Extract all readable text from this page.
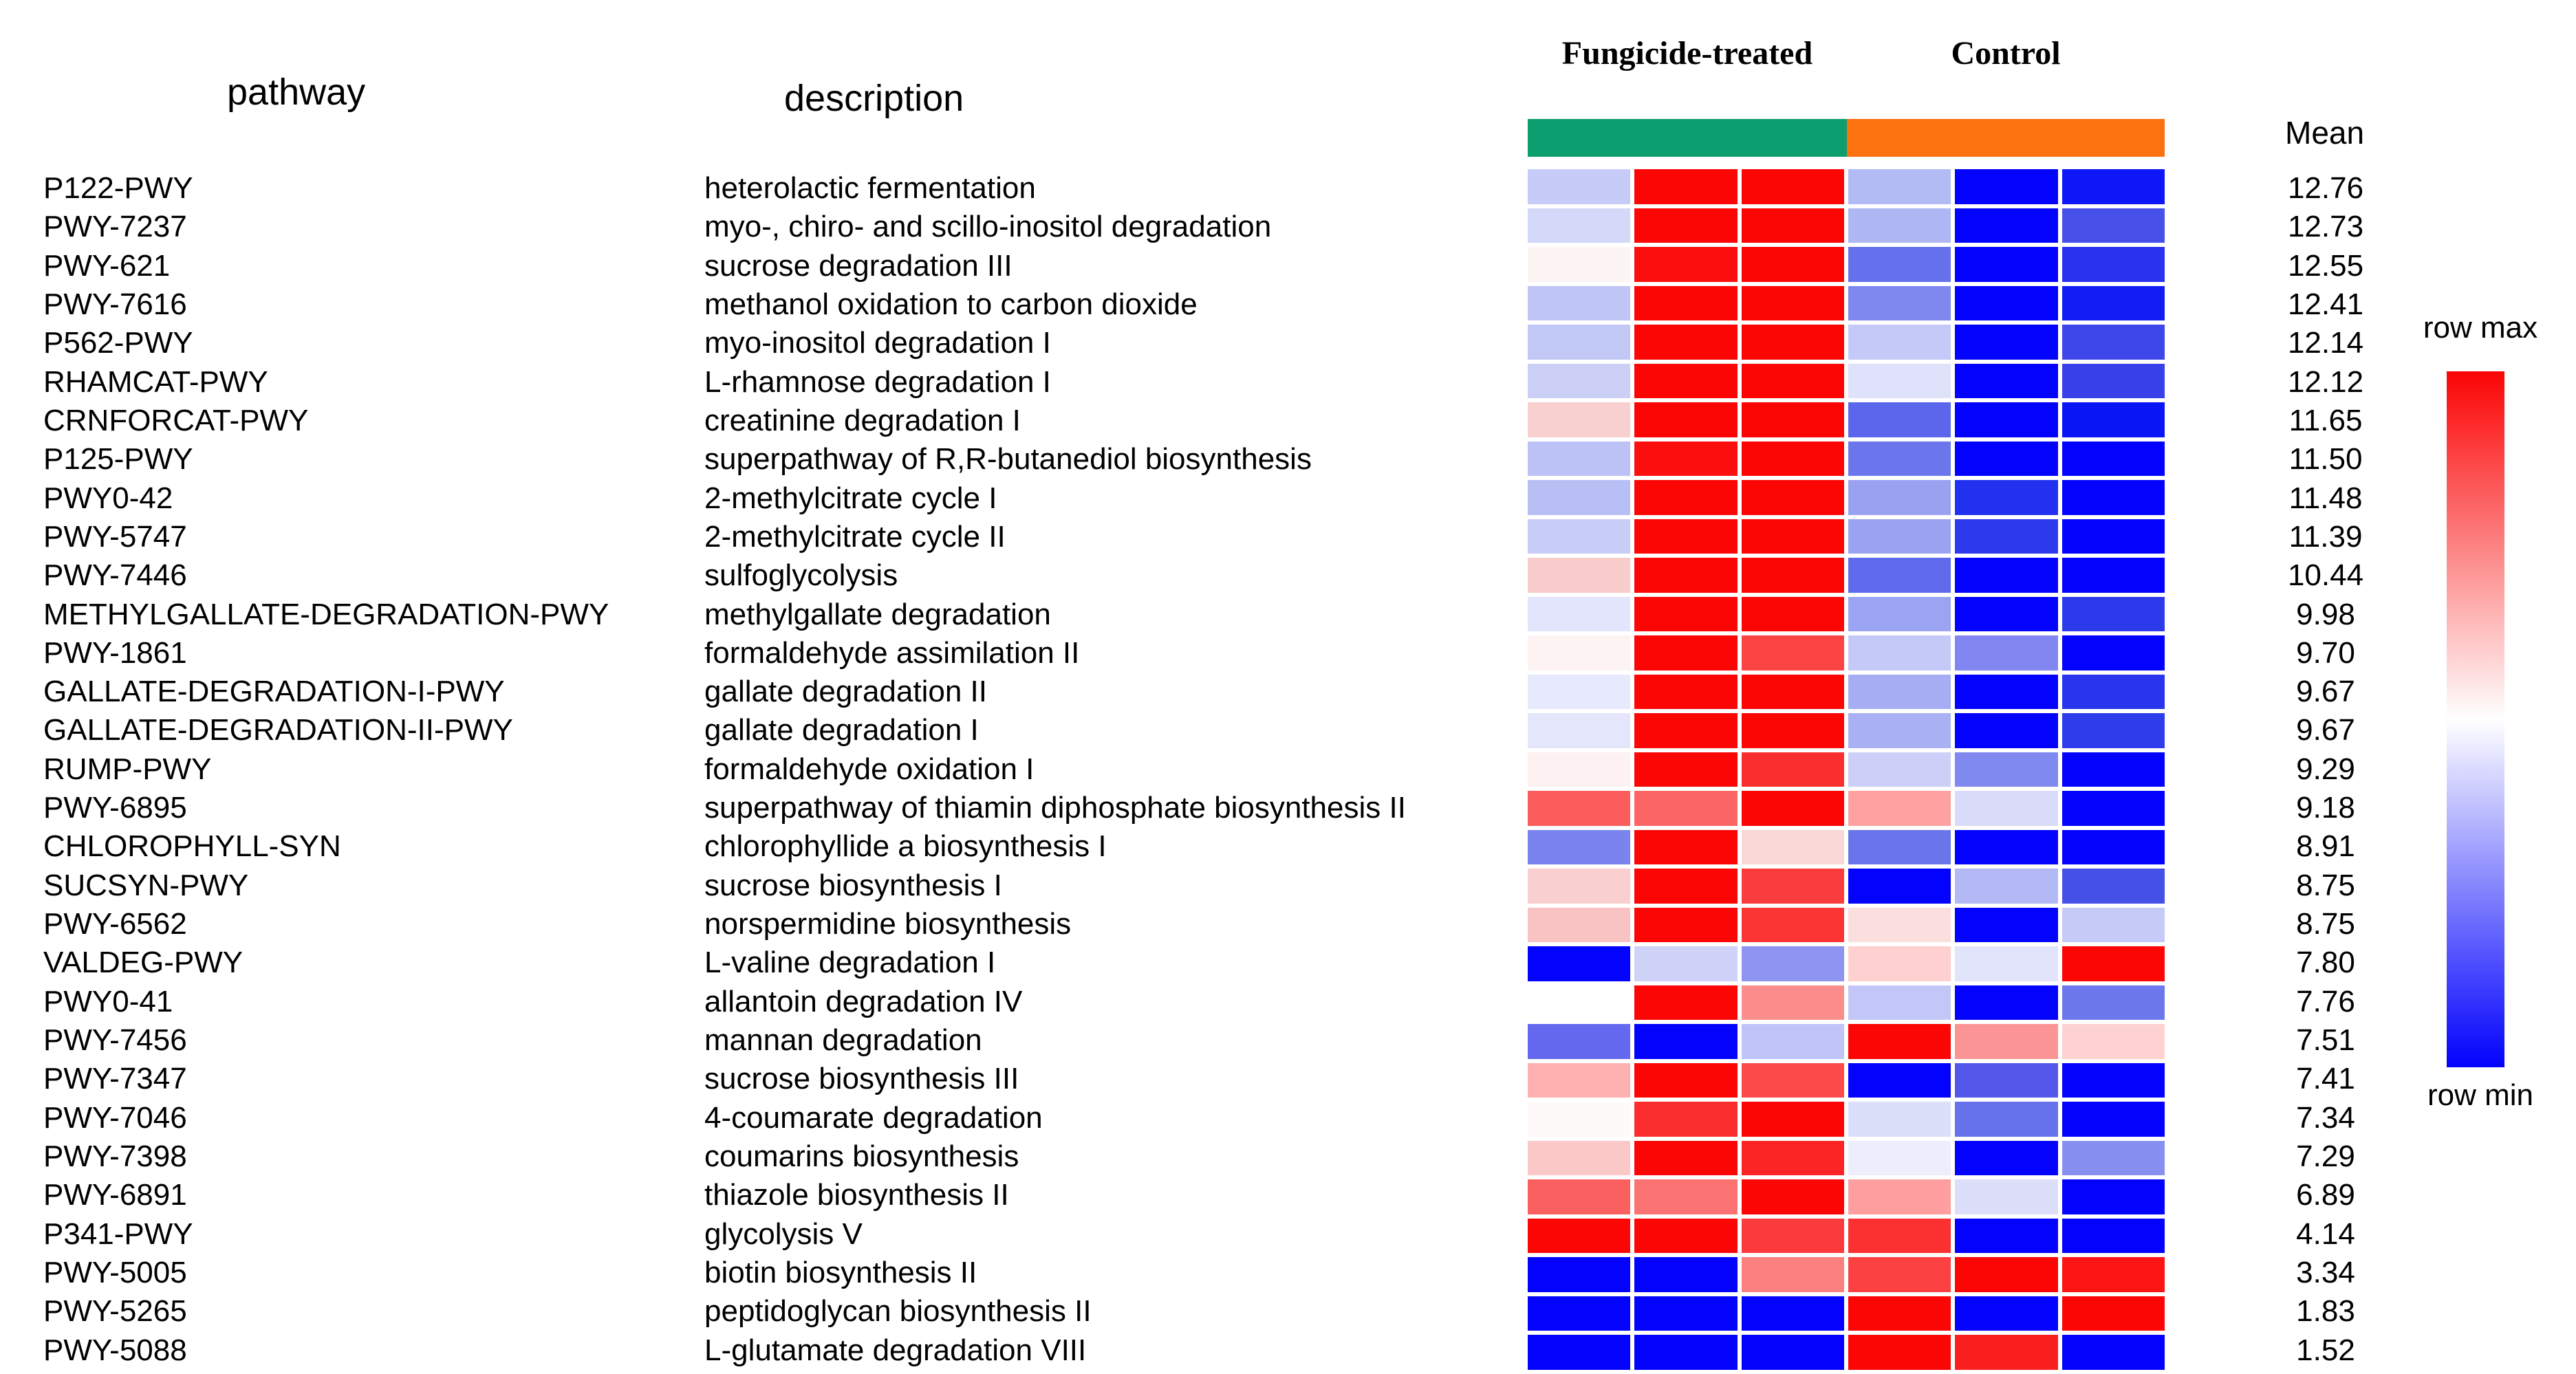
pathway	description
Fungicide-treated	Control
Mean
P122-PWY
PWY-7237
PWY-621
PWY-7616
P562-PWY
RHAMCAT-PWY
CRNFORCAT-PWY
P125-PWY
PWY0-42
PWY-5747
PWY-7446
METHYLGALLATE-DEGRADATION-PWY
PWY-1861
GALLATE-DEGRADATION-I-PWY
GALLATE-DEGRADATION-II-PWY
RUMP-PWY
PWY-6895
CHLOROPHYLL-SYN
SUCSYN-PWY
PWY-6562
VALDEG-PWY
PWY0-41
PWY-7456
PWY-7347
PWY-7046
PWY-7398
PWY-6891
P341-PWY
PWY-5005
PWY-5265
PWY-5088
heterolactic fermentation
myo-, chiro- and scillo-inositol degradation
sucrose degradation III
methanol oxidation to carbon dioxide
myo-inositol degradation I
L-rhamnose degradation I
creatinine degradation I
superpathway of R,R-butanediol biosynthesis
2-methylcitrate cycle I
2-methylcitrate cycle II
sulfoglycolysis
methylgallate degradation
formaldehyde assimilation II
gallate degradation II
gallate degradation I
formaldehyde oxidation I
superpathway of thiamin diphosphate biosynthesis II
chlorophyllide a biosynthesis I
sucrose biosynthesis I
norspermidine biosynthesis
L-valine degradation I
allantoin degradation IV
mannan degradation
sucrose biosynthesis III
4-coumarate degradation
coumarins biosynthesis
thiazole biosynthesis II
glycolysis V
biotin biosynthesis II
peptidoglycan biosynthesis II
L-glutamate degradation VIII
12.76
12.73
12.55
12.41
12.14
12.12
11.65
11.50
11.48
11.39
10.44
9.98
9.70
9.67
9.67
9.29
9.18
8.91
8.75
8.75
7.80
7.76
7.51
7.41
7.34
7.29
6.89
4.14
3.34
1.83
1.52
row max
row min
